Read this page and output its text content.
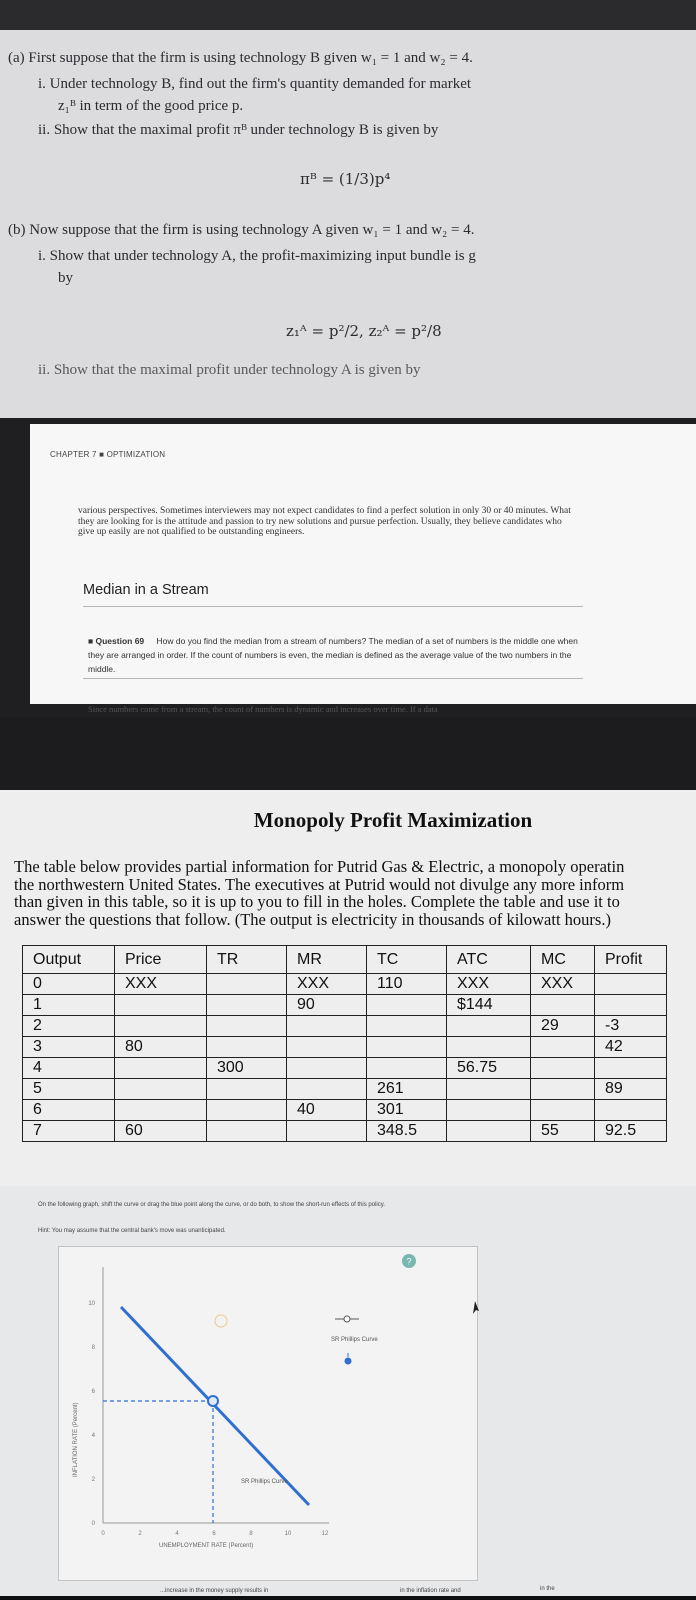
(a) First suppose that the firm is using technology B given w₁ = 1 and w₂ = 4.
i. Under technology B, find out the firm's quantity demanded for market
z₁ᴮ in term of the good price p.
ii. Show that the maximal profit πᴮ under technology B is given by
πᴮ = (1/3)p⁴
(b) Now suppose that the firm is using technology A given w₁ = 1 and w₂ = 4.
i. Show that under technology A, the profit-maximizing input bundle is g
by
z₁ᴬ = p²/2, z₂ᴬ = p²/8
ii. Show that the maximal profit under technology A is given by
CHAPTER 7 ■ OPTIMIZATION
various perspectives. Sometimes interviewers may not expect candidates to find a perfect solution in only 30 or 40 minutes. What they are looking for is the attitude and passion to try new solutions and pursue perfection. Usually, they believe candidates who give up easily are not qualified to be outstanding engineers.
Median in a Stream
■ Question 69 How do you find the median from a stream of numbers? The median of a set of numbers is the middle one when they are arranged in order. If the count of numbers is even, the median is defined as the average value of the two numbers in the middle.
Since numbers come from a stream, the count of numbers is dynamic and increases over time. If a data
Monopoly Profit Maximization
The table below provides partial information for Putrid Gas & Electric, a monopoly operatin
the northwestern United States. The executives at Putrid would not divulge any more inform
than given in this table, so it is up to you to fill in the holes. Complete the table and use it to
answer the questions that follow. (The output is electricity in thousands of kilowatt hours.)
Output	Price	TR	MR	TC	ATC	MC	Profit
0	XXX		XXX	110	XXX	XXX	
1			90		$144		
2						29	-3
3	80						42
4		300			56.75		
5				261			89
6			40	301			
7	60			348.5		55	92.5
On the following graph, shift the curve or drag the blue point along the curve, or do both, to show the short-run effects of this policy.
Hint: You may assume that the central bank's move was unanticipated.
0	2	4	6	8	10	12
0
2
4
6
8
10
SR Phillips Curve
INFLATION RATE (Percent)
UNEMPLOYMENT RATE (Percent)
SR Phillips Curve
?
...increase in the money supply results in	in the inflation rate and	in the
